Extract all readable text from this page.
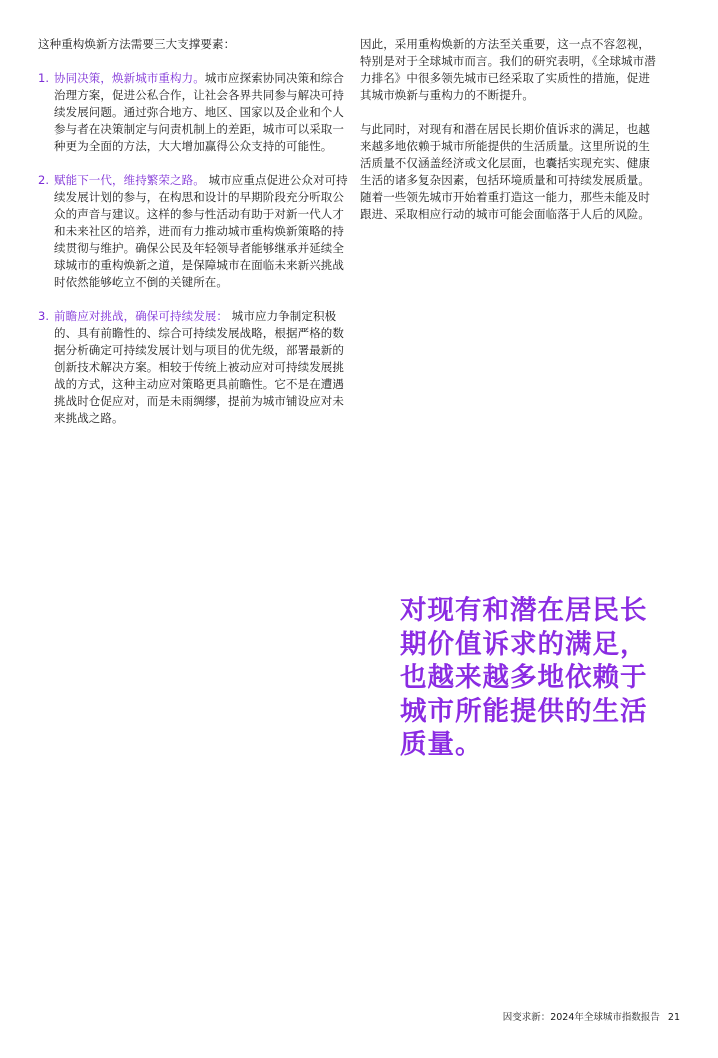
这种重构焕新方法需要三大支撑要素：

1. 协同决策，焕新城市重构力。城市应探索协同决策和综合治理方案，促进公私合作，让社会各界共同参与解决可持续发展问题。通过弥合地方、地区、国家以及企业和个人参与者在决策制定与问责机制上的差距，城市可以采取一种更为全面的方法，大大增加赢得公众支持的可能性。
2. 赋能下一代，维持繁荣之路。 城市应重点促进公众对可持续发展计划的参与，在构思和设计的早期阶段充分听取公众的声音与建议。这样的参与性活动有助于对新一代人才和未来社区的培养，进而有力推动城市重构焕新策略的持续贯彻与维护。确保公民及年轻领导者能够继承并延续全球城市的重构焕新之道，是保障城市在面临未来新兴挑战时依然能够屹立不倒的关键所在。
3. 前瞻应对挑战，确保可持续发展： 城市应力争制定积极的、具有前瞻性的、综合可持续发展战略，根据严格的数据分析确定可持续发展计划与项目的优先级，部署最新的创新技术解决方案。相较于传统上被动应对可持续发展挑战的方式，这种主动应对策略更具前瞻性。它不是在遭遇挑战时仓促应对，而是未雨绸缪，提前为城市铺设应对未来挑战之路。

因此，采用重构焕新的方法至关重要，这一点不容忽视，特别是对于全球城市而言。我们的研究表明，《全球城市潜力排名》中很多领先城市已经采取了实质性的措施，促进其城市焕新与重构力的不断提升。

与此同时，对现有和潜在居民长期价值诉求的满足，也越来越多地依赖于城市所能提供的生活质量。这里所说的生活质量不仅涵盖经济或文化层面，也囊括实现充实、健康生活的诸多复杂因素，包括环境质量和可持续发展质量。随着一些领先城市开始着重打造这一能力，那些未能及时跟进、采取相应行动的城市可能会面临落于人后的风险。

对现有和潜在居民长期价值诉求的满足，也越来越多地依赖于城市所能提供的生活质量。

因变求新：2024年全球城市指数报告 21
